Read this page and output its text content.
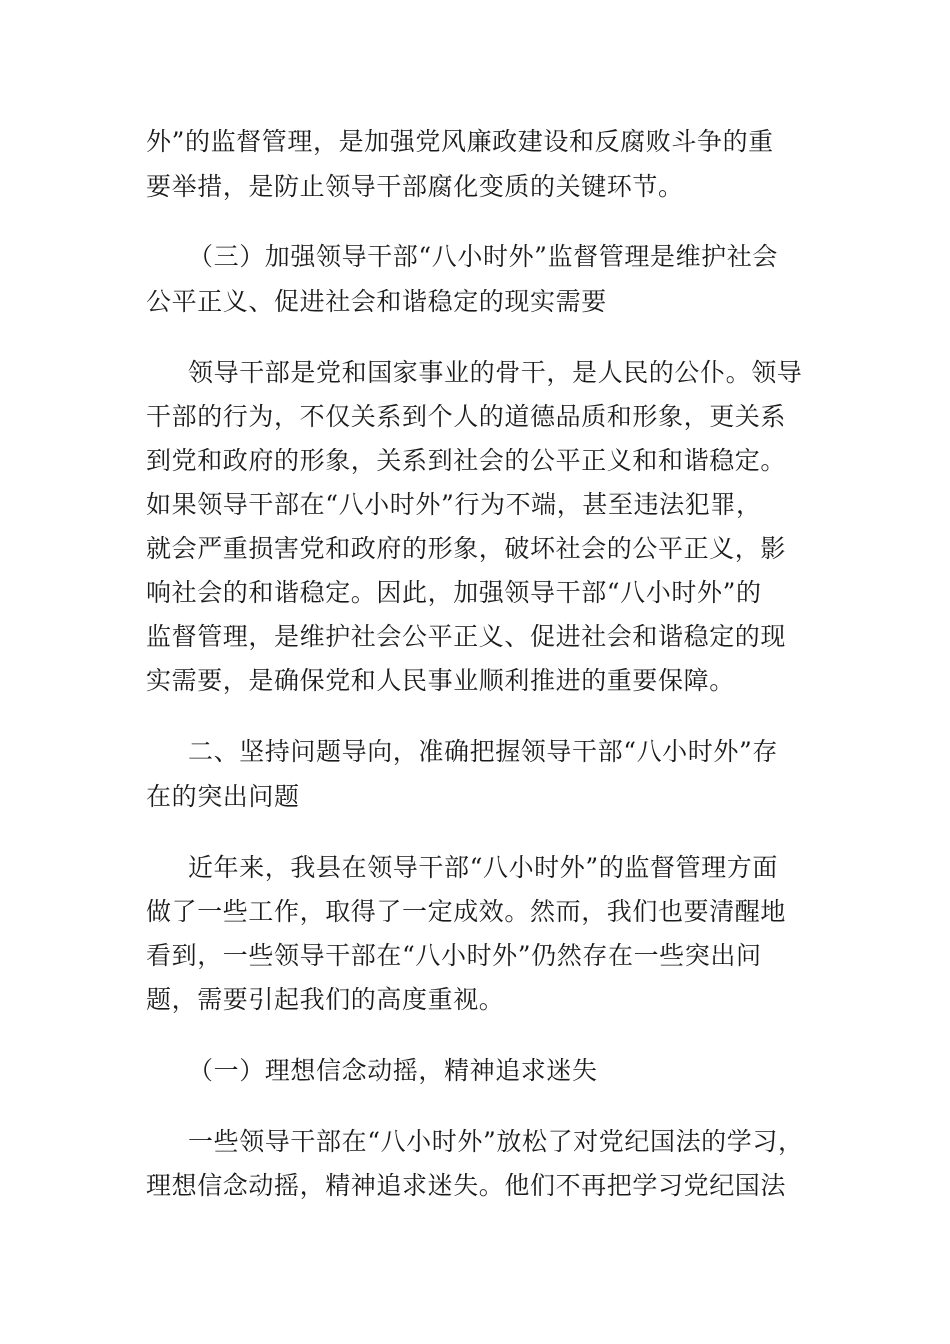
外”的监督管理，是加强党风廉政建设和反腐败斗争的重
要举措，是防止领导干部腐化变质的关键环节。
（三）加强领导干部“八小时外”监督管理是维护社会
公平正义、促进社会和谐稳定的现实需要
领导干部是党和国家事业的骨干，是人民的公仆。领导
干部的行为，不仅关系到个人的道德品质和形象，更关系
到党和政府的形象，关系到社会的公平正义和和谐稳定。
如果领导干部在“八小时外”行为不端，甚至违法犯罪，
就会严重损害党和政府的形象，破坏社会的公平正义，影
响社会的和谐稳定。因此，加强领导干部“八小时外”的
监督管理，是维护社会公平正义、促进社会和谐稳定的现
实需要，是确保党和人民事业顺利推进的重要保障。
二、坚持问题导向，准确把握领导干部“八小时外”存
在的突出问题
近年来，我县在领导干部“八小时外”的监督管理方面
做了一些工作，取得了一定成效。然而，我们也要清醒地
看到，一些领导干部在“八小时外”仍然存在一些突出问
题，需要引起我们的高度重视。
（一）理想信念动摇，精神追求迷失
一些领导干部在“八小时外”放松了对党纪国法的学习，
理想信念动摇，精神追求迷失。他们不再把学习党纪国法
